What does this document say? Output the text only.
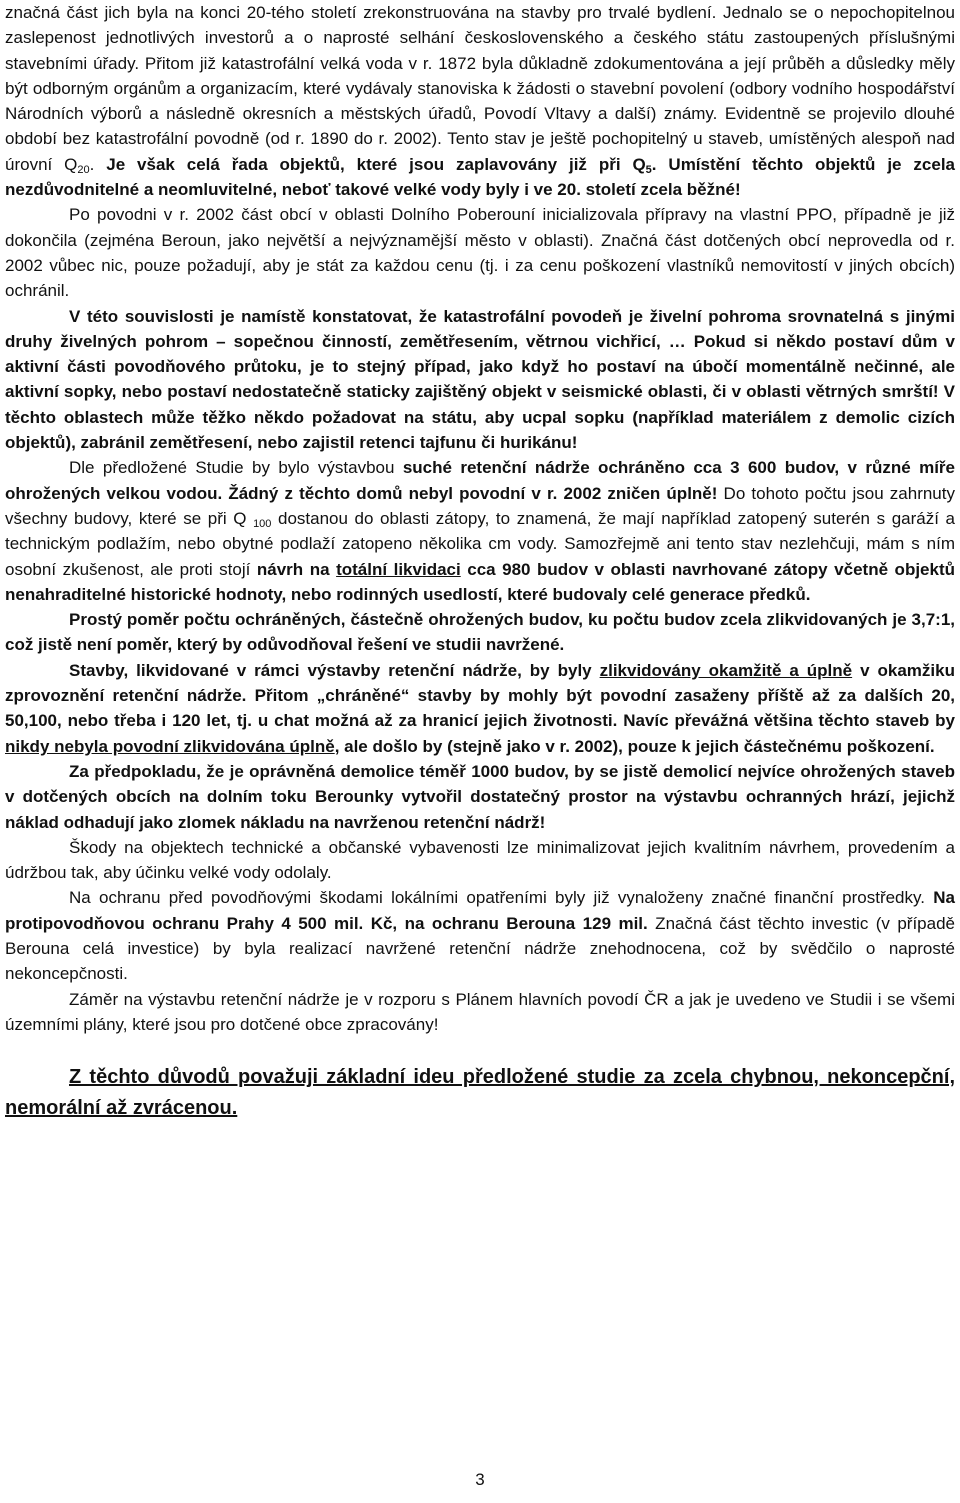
značná část jich byla na konci 20-tého století zrekonstruována na stavby pro trvalé bydlení. Jednalo se o nepochopitelnou zaslepenost jednotlivých investorů a o naprosté selhání československého a českého státu zastoupených příslušnými stavebními úřady. Přitom již katastrofální velká voda v r. 1872 byla důkladně zdokumentována a její průběh a důsledky měly být odborným orgánům a organizacím, které vydávaly stanoviska k žádosti o stavební povolení (odbory vodního hospodářství Národních výborů a následně okresních a městských úřadů, Povodí Vltavy a další) známy. Evidentně se projevilo dlouhé období bez katastrofální povodně (od r. 1890 do r. 2002). Tento stav je ještě pochopitelný u staveb, umístěných alespoň nad úrovní $Q_{20}$. Je však celá řada objektů, které jsou zaplavovány již při $Q_5$. Umístění těchto objektů je zcela nezdůvodnitelné a neomluvitelné, neboť takové velké vody byly i ve 20. století zcela běžné!

Po povodni v r. 2002 část obcí v oblasti Dolního Poberouní inicializovala přípravy na vlastní PPO, případně je již dokončila (zejména Beroun, jako největší a nejvýznamější město v oblasti). Značná část dotčených obcí neprovedla od r. 2002 vůbec nic, pouze požadují, aby je stát za každou cenu (tj. i za cenu poškození vlastníků nemovitostí v jiných obcích) ochránil.

V této souvislosti je namístě konstatovat, že katastrofální povodeň je živelní pohroma srovnatelná s jinými druhy živelných pohrom – sopečnou činností, zemětřesením, větrnou vichřicí, … Pokud si někdo postaví dům v aktivní části povodňového průtoku, je to stejný případ, jako když ho postaví na úbočí momentálně nečinné, ale aktivní sopky, nebo postaví nedostatečně staticky zajištěný objekt v seismické oblasti, či v oblasti větrných smrští! V těchto oblastech může těžko někdo požadovat na státu, aby ucpal sopku (například materiálem z demolic cizích objektů), zabránil zemětřesení, nebo zajistil retenci tajfunu či hurikánu!

Dle předložené Studie by bylo výstavbou suché retenční nádrže ochráněno cca 3 600 budov, v různé míře ohrožených velkou vodou. Žádný z těchto domů nebyl povodní v r. 2002 zničen úplně! Do tohoto počtu jsou zahrnuty všechny budovy, které se při Q $_{100}$ dostanou do oblasti zátopy, to znamená, že mají například zatopený suterén s garáží a technickým podlažím, nebo obytné podlaží zatopeno několika cm vody. Samozřejmě ani tento stav nezlehčuji, mám s ním osobní zkušenost, ale proti stojí návrh na totální likvidaci cca 980 budov v oblasti navrhované zátopy včetně objektů nenahraditelné historické hodnoty, nebo rodinných usedlostí, které budovaly celé generace předků.

Prostý poměr počtu ochráněných, částečně ohrožených budov, ku počtu budov zcela zlikvidovaných je 3,7:1, což jistě není poměr, který by odůvodňoval řešení ve studii navržené.

Stavby, likvidované v rámci výstavby retenční nádrže, by byly zlikvidovány okamžitě a úplně v okamžiku zprovoznění retenční nádrže. Přitom „chráněné“ stavby by mohly být povodní zasaženy příště až za dalších 20, 50,100, nebo třeba i 120 let, tj. u chat možná až za hranicí jejich životnosti. Navíc převážná většina těchto staveb by nikdy nebyla povodní zlikvidována úplně, ale došlo by (stejně jako v r. 2002), pouze k jejich částečnému poškození.

Za předpokladu, že je oprávněná demolice téměř 1000 budov, by se jistě demolicí nejvíce ohrožených staveb v dotčených obcích na dolním toku Berounky vytvořil dostatečný prostor na výstavbu ochranných hrází, jejichž náklad odhadují jako zlomek nákladu na navrženou retenční nádrž!

Škody na objektech technické a občanské vybavenosti lze minimalizovat jejich kvalitním návrhem, provedením a údržbou tak, aby účinku velké vody odolaly.

Na ochranu před povodňovými škodami lokálními opatřeními byly již vynaloženy značné finanční prostředky. Na protipovodňovou ochranu Prahy 4 500 mil. Kč, na ochranu Berouna 129 mil. Značná část těchto investic (v případě Berouna celá investice) by byla realizací navržené retenční nádrže znehodnocena, což by svědčilo o naprosté nekoncepčnosti.

Záměr na výstavbu retenční nádrže je v rozporu s Plánem hlavních povodí ČR a jak je uvedeno ve Studii i se všemi územními plány, které jsou pro dotčené obce zpracovány!

Z těchto důvodů považuji základní ideu předložené studie za zcela chybnou, nekoncepční, nemorální až zvrácenou.

3
